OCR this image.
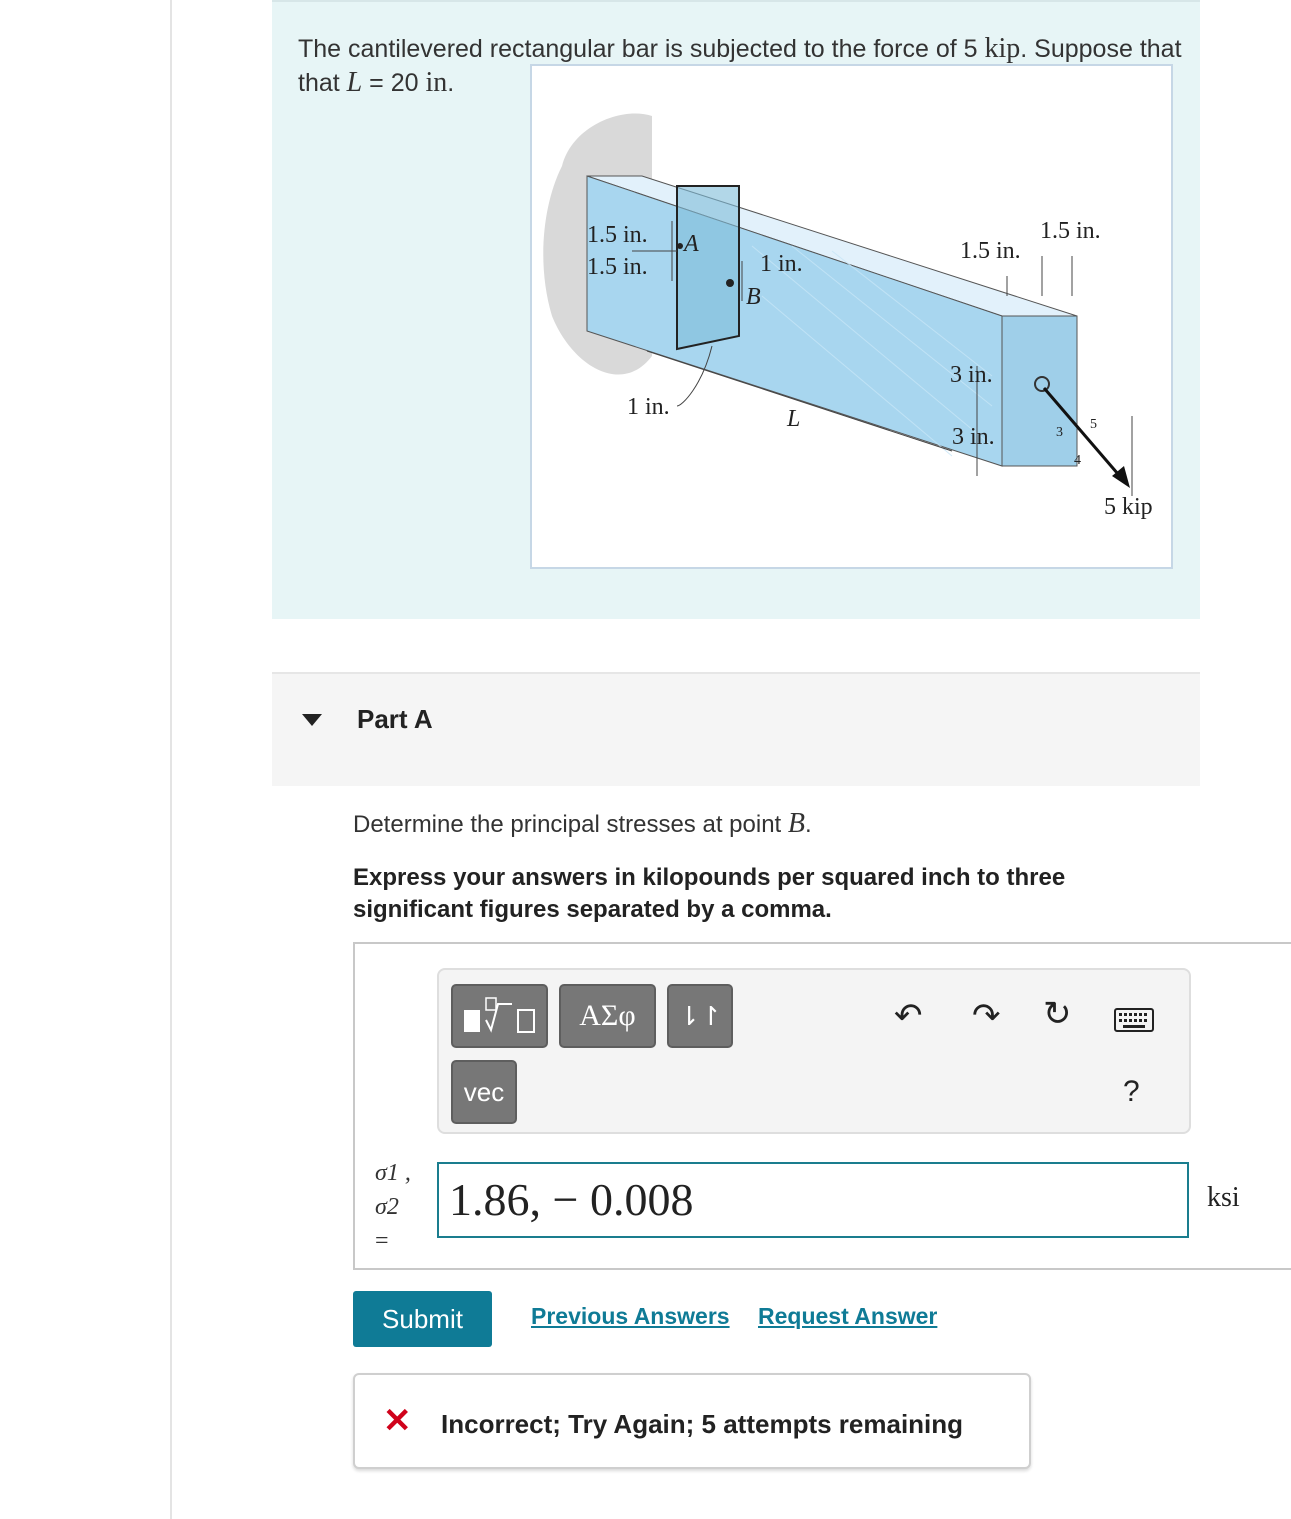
The cantilevered rectangular bar is subjected to the force of 5 kip. Suppose that
that L = 20 in.
1.5 in.
1.5 in.
A
1 in.
B
1 in.	L
1.5 in.
1.5 in.
3 in.
3 in.	3
4
5
5 kip
Part A
Determine the principal stresses at point B.
Express your answers in kilopounds per squared inch to three significant figures separated by a comma.
ΑΣφ	⇂↾
vec
↶ ↷ ↻
?
σ1 ,
σ2
=
1.86, − 0.008	ksi
Submit	Previous Answers Request Answer
✕ Incorrect; Try Again; 5 attempts remaining
